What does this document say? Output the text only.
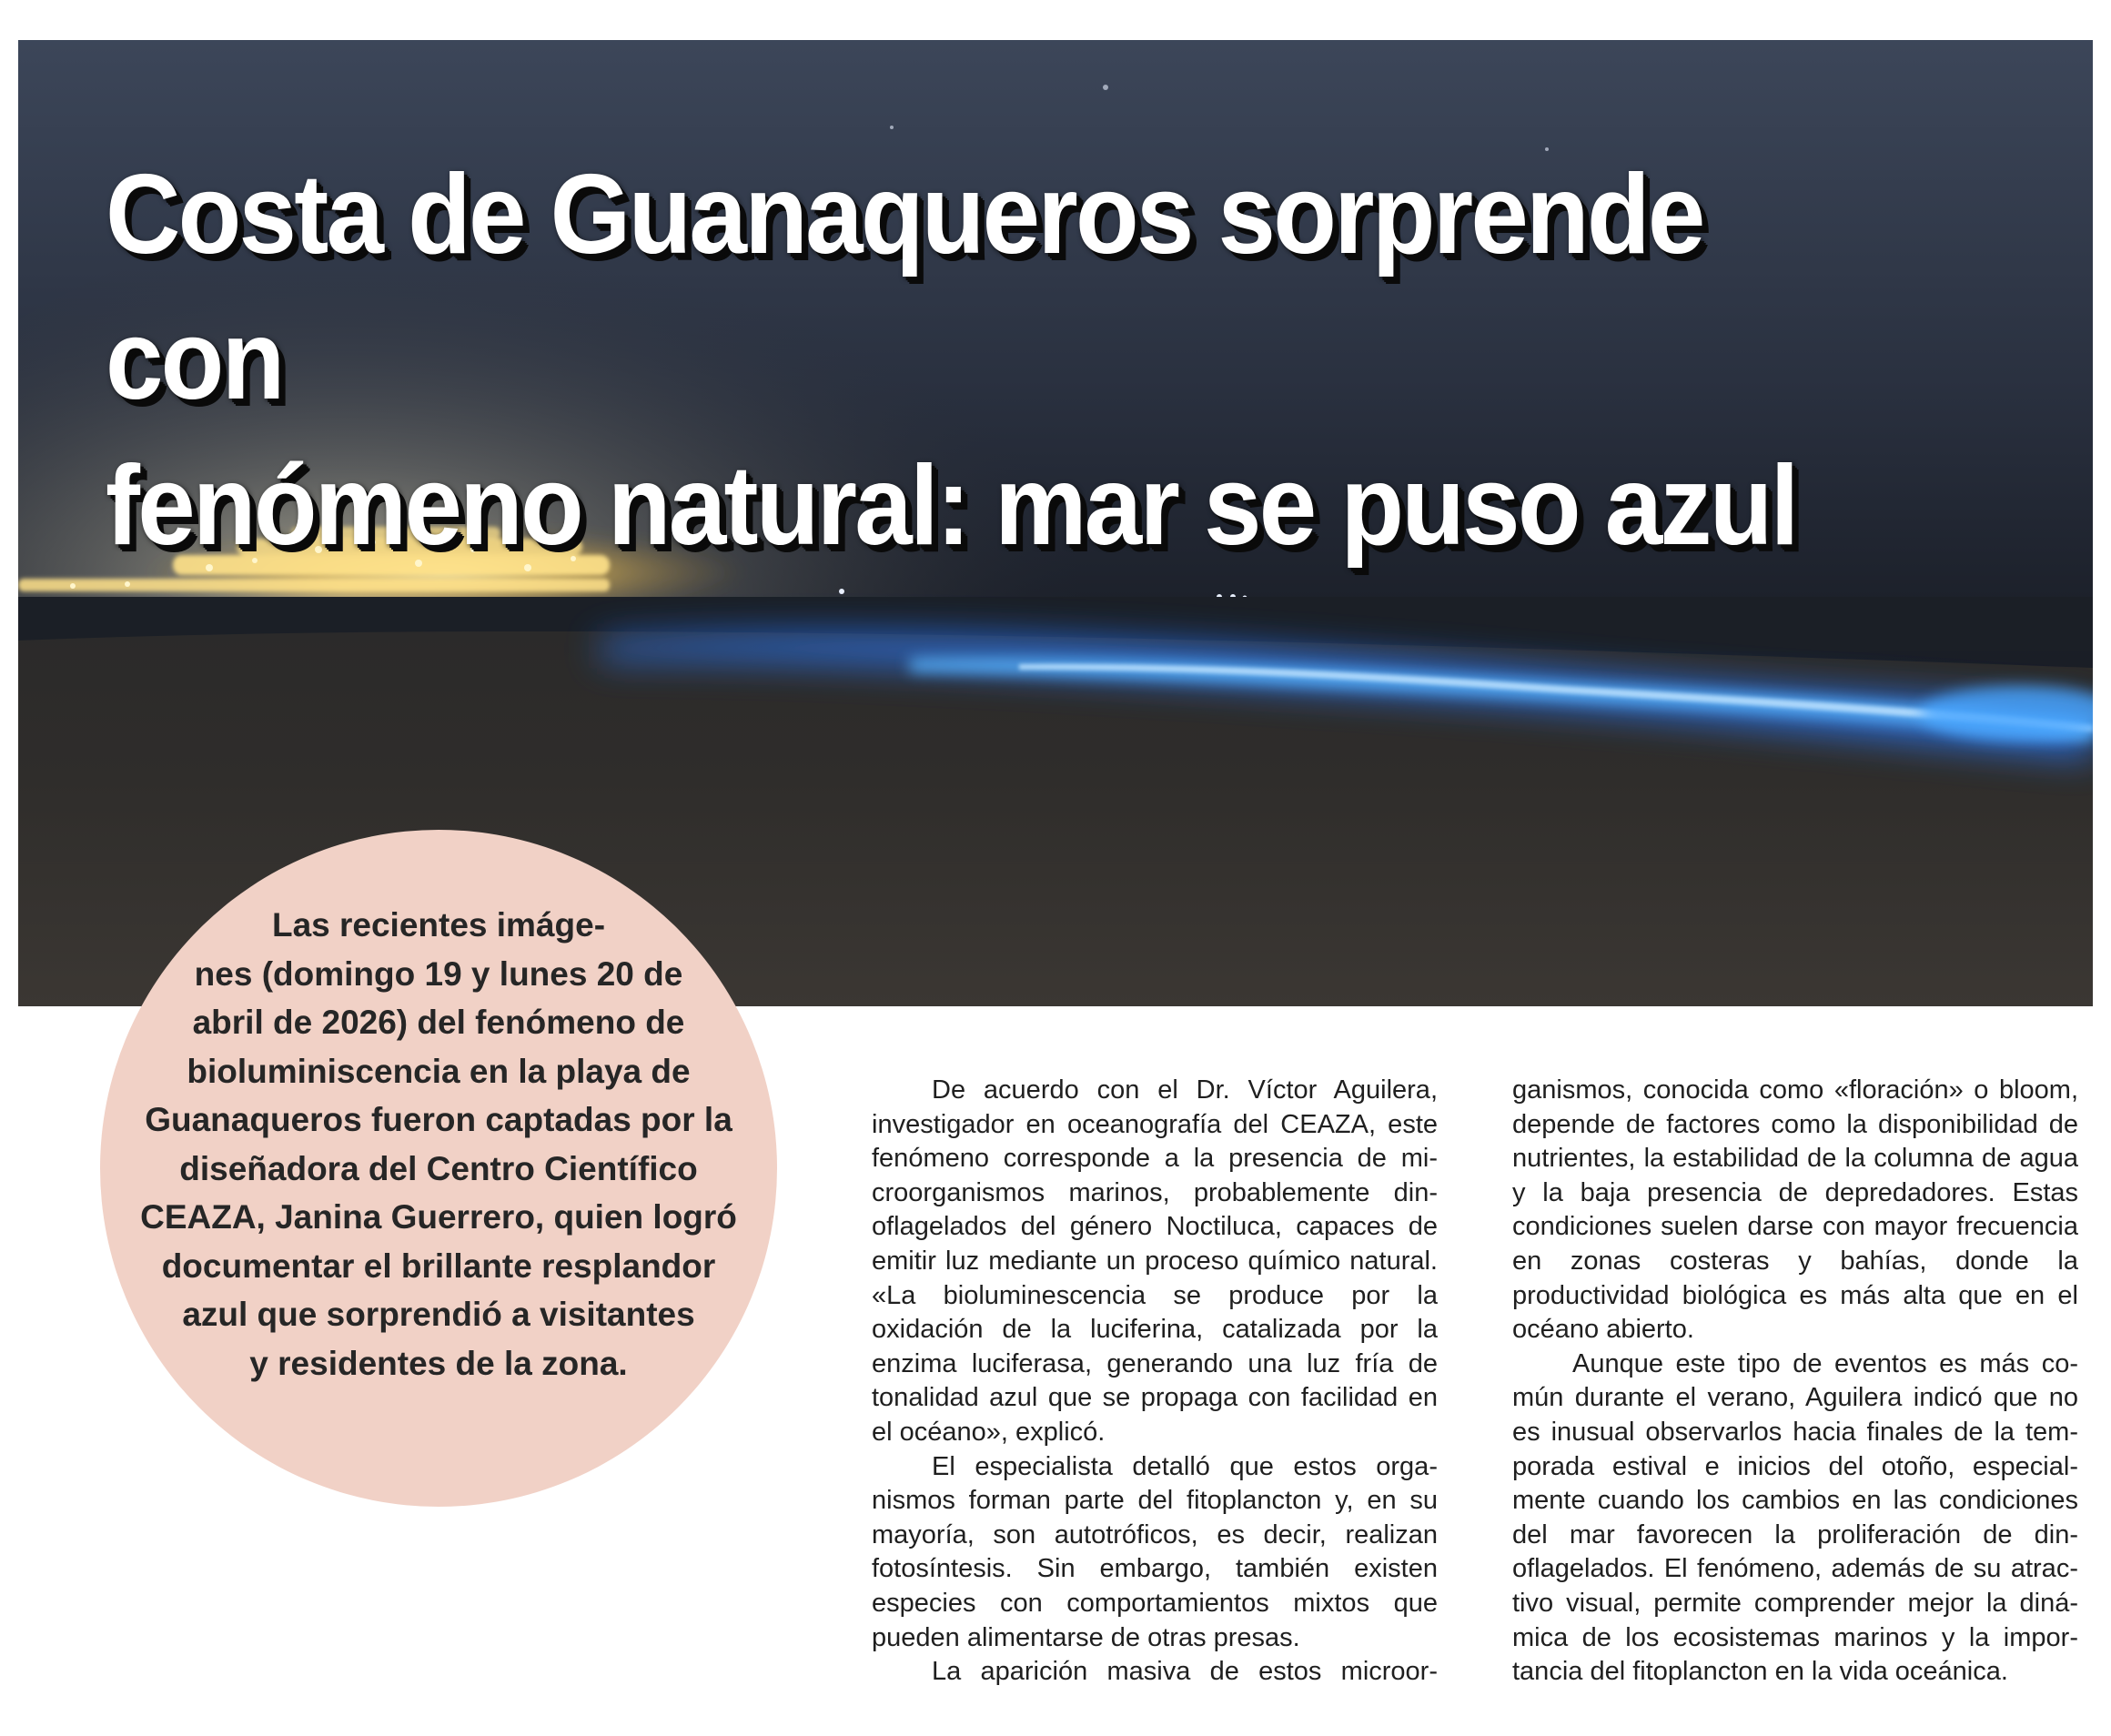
Costa de Guanaqueros sorprende con
fenómeno natural: mar se puso azul

Las recientes imáge-
nes (domingo 19 y lunes 20 de
abril de 2026) del fenómeno de
bioluminiscencia en la playa de
Guanaqueros fueron captadas por la
diseñadora del Centro Científico
CEAZA, Janina Guerrero, quien logró
documentar el brillante resplandor
azul que sorprendió a visitantes
y residentes de la zona.

De acuerdo con el Dr. Víctor Aguilera, investigador en oceanografía del CEAZA, este fenómeno corresponde a la presencia de microorganismos marinos, probablemente dinoflagelados del género Noctiluca, capaces de emitir luz mediante un proceso químico natural. «La bioluminescencia se produce por la oxidación de la luciferina, catalizada por la enzima luciferasa, generando una luz fría de tonalidad azul que se propaga con facilidad en el océano», explicó.

El especialista detalló que estos organismos forman parte del fitoplancton y, en su mayoría, son autotróficos, es decir, realizan fotosíntesis. Sin embargo, también existen especies con comportamientos mixtos que pueden alimentarse de otras presas.

La aparición masiva de estos microor-

ganismos, conocida como «floración» o bloom, depende de factores como la disponibilidad de nutrientes, la estabilidad de la columna de agua y la baja presencia de depredadores. Estas condiciones suelen darse con mayor frecuencia en zonas costeras y bahías, donde la productividad biológica es más alta que en el océano abierto.

Aunque este tipo de eventos es más común durante el verano, Aguilera indicó que no es inusual observarlos hacia finales de la temporada estival e inicios del otoño, especialmente cuando los cambios en las condiciones del mar favorecen la proliferación de dinoflagelados. El fenómeno, además de su atractivo visual, permite comprender mejor la dinámica de los ecosistemas marinos y la importancia del fitoplancton en la vida oceánica.
